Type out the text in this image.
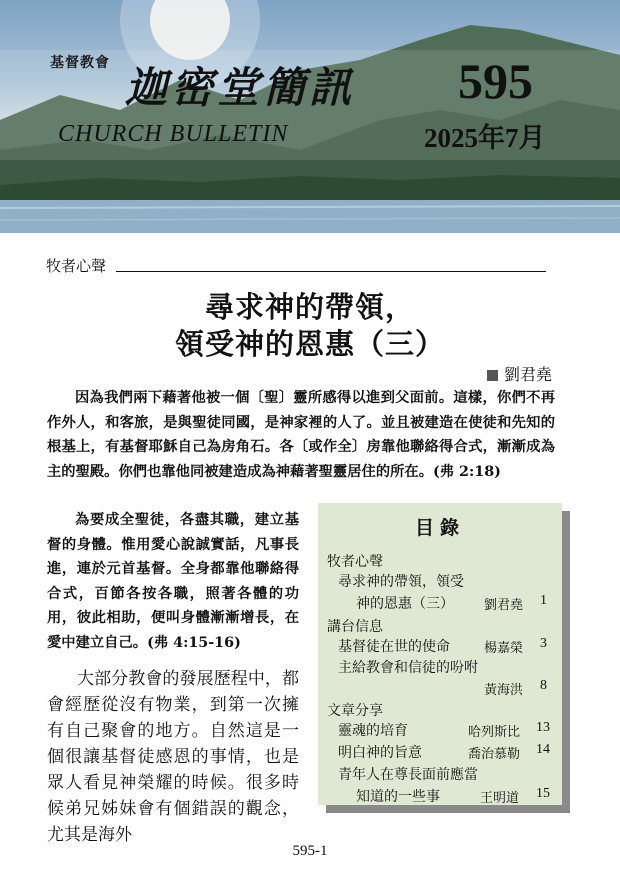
基督教會 迦密堂簡訊
CHURCH BULLETIN
595
2025年7月
牧者心聲
尋求神的帶領，
領受神的恩惠（三）
劉君堯
因為我們兩下藉著他被一個〔聖〕靈所感得以進到父面前。這樣，你們不再作外人，和客旅，是與聖徒同國，是神家裡的人了。並且被建造在使徒和先知的根基上，有基督耶穌自己為房角石。各〔或作全〕房靠他聯絡得合式，漸漸成為主的聖殿。你們也靠他同被建造成為神藉著聖靈居住的所在。(弗 2:18)
為要成全聖徒，各盡其職，建立基督的身體。惟用愛心說誠實話，凡事長進，連於元首基督。全身都靠他聯絡得合式，百節各按各職，照著各體的功用，彼此相助，便叫身體漸漸增長，在愛中建立自己。(弗 4:15-16)
大部分教會的發展歷程中，都會經歷從沒有物業，到第一次擁有自己聚會的地方。自然這是一個很讓基督徒感恩的事情，也是眾人看見神榮耀的時候。很多時候弟兄姊妹會有個錯誤的觀念，尤其是海外
目錄
牧者心聲
尋求神的帶領，領受
神的恩惠（三） 劉君堯 1
講台信息
基督徒在世的使命	楊嘉榮 3
主給教會和信徒的吩咐
黃海洪 8
文章分享
靈魂的培育	哈列斯比 13
明白神的旨意	喬治慕勒 14
青年人在尊長面前應當
知道的一些事	王明道 15
595-1
